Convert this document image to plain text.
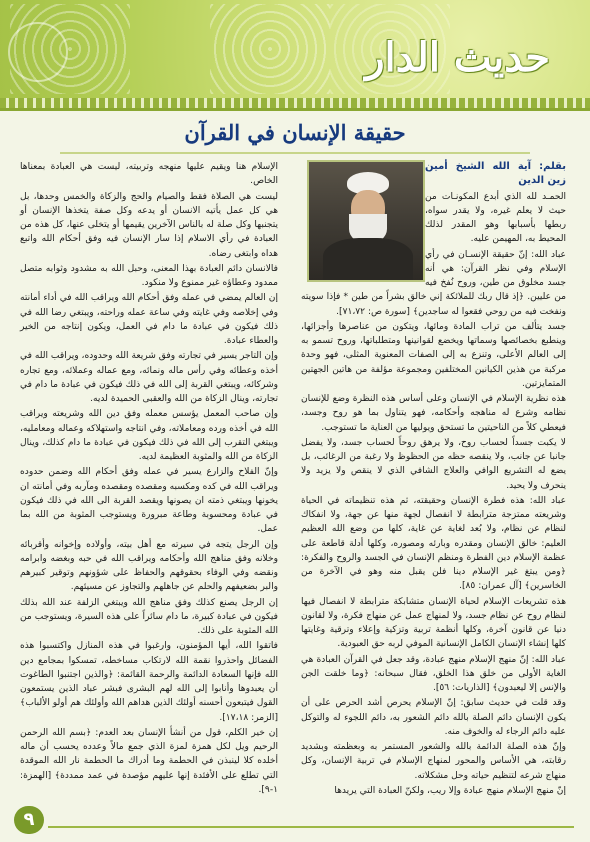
حديث الدار
حقيقة الإنسان في القرآن

بقلم: آية الله الشيخ أمين زين الدين

الحمـد لله الذي أبدع المكونـات من حيث لا يعلم غيره، ولا يقدر سواه، ربطها بأسبابها وهو المقدر لذلك المحيط به، المهيمن عليه.

عباد الله: إنّ حقيقة الإنسـان في رأي الإسلام وفي نظر القرآن: هي أنه جسد مخلوق من طين، وروح نُفخ فيه من عليين. ﴿إذ قال ربك للملائكة إني خالق بشراً من طين * فإذا سويته ونفخت فيه من روحي فقعوا له ساجدين﴾ [سورة ص: ٧١،٧٢].

جسد يتألف من تراب المادة ومائها، ويتكون من عناصرها وأجزائها، وينطبع بخصائصها وسماتها ويخضع لقوانينها ومتطلباتها، وروح تسمو به إلى العالم الأعلى، وتنزع به إلى الصفات المعنوية المثلى، فهو وحدة مركبة من هذين الكيانين المختلفين ومجموعة مؤلفة من هاتين الجهتين المتمايزتين.

هذه نظرية الإسلام في الإنسان وعلى أساس هذه النظرة وضع للإنسان نظامه وشرع له مناهجه وأحكامه، فهو يتناول بما هو روح وجسد، فيعطي كلاً من الناحيتين ما تستحق ويوليها من العناية ما تستوجب.

لا يكبت جسداً لحساب روح، ولا يرهق روحاً لحساب جسد، ولا يفضل جانبا عن جانب، ولا ينقصه حظه من الحظوظ ولا رغبة من الرغائب، بل يضع له التشريع الوافي والعلاج الشافي الذي لا ينقص ولا يزيد ولا ينحرف ولا يحيد.

عباد الله: هذه فطرة الإنسان وحقيقته، ثم هذه تنظيماته في الحياة وشريعته ممتزجة مترابطة لا انفصال لجهة منها عن جهة، ولا انفكاك لنظام عن نظام، ولا بُعد لغاية عن غاية، كلها من وضع الله العظيم العليم: خالق الإنسان ومقدره وبارئه ومصوره، وكلها أدلة قاطعة على عظمة الإسلام دين الفطرة ومنظم الإنسان في الجسد والروح والفكرة: ﴿ومن يبتغ غير الإسلام دينا فلن يقبل منه وهو في الآخرة من الخاسرين﴾ [آل عمران: ٨٥].

هذه تشريعات الإسلام لحياة الإنسان متشابكة مترابطة لا انفصال فيها لنظام روح عن نظام جسد، ولا لمنهاج عمل عن منهاج فكرة، ولا لقانون دنيا عن قانون آخرة، وكلها أنظمة تربية وتزكية وإعلاء وترقية وغايتها كلها إنشاء الإنسان الكامل الإنسانية الموفي لربه حق العبودية.

عباد الله: إنّ منهج الإسلام منهج عبادة، وقد جعل في القرآن العبادة هي الغاية الأولى من خلق هذا الخلق، فقال سبحانه: ﴿وما خلقت الجن والإنس إلا ليعبدون﴾ [الذاريات: ٥٦].

وقد قلت في حديث سابق: إنّ الإسلام يحرص أشد الحرص على أن يكون الإنسان دائم الصلة بالله دائم الشعور به، دائم اللجوء له والتوكل عليه دائم الرجاء له والخوف منه.

وإنّ هذه الصلة الدائمة بالله والشعور المستمر به وبعظمته وبشديد رقابته، هي الأساس والمحور لمنهاج الإسلام في تربية الإنسان، وكل منهاج شرعه لتنظيم حياته وحل مشكلاته.

إنّ منهج الإسلام منهج عبادة وإلا ريب، ولكنّ العبادة التي يريدها

الإسلام هنا ويقيم عليها منهجه وتربيته، ليست هي العبادة بمعناها الخاص.

ليست هي الصلاة فقط والصيام والحج والزكاة والخمس وحدها، بل هي كل عمل يأتيه الانسان أو يدعه وكل صفة يتخذها الإنسان أو يتجنبها وكل صلة له بالناس الآخرين يقيمها أو يتخلى عنها، كل هذه من العبادة في رأي الاسلام إذا سار الإنسان فيه وفق أحكام الله واتبع هداه وابتغى رضاه.

فالانسان دائم العبادة بهذا المعنى، وحبل الله به مشدود وثوابه متصل ممدود وعطاؤه غير ممنوع ولا منكود.

إن العالم يمضي في عمله وفق أحكام الله ويراقب الله في أداء أمانته وفي إخلاصه وفي غايته وفي ساعة عمله وراحته، ويبتغي رضا الله في ذلك فيكون في عبادة ما دام في العمل، ويكون إنتاجه من الخير والعطاء عبادة.

وإن التاجر يسير في تجارته وفق شريعة الله وحدوده، ويراقب الله في أخذه وعطائه وفي رأس ماله ونمائه، ومع عماله وعملائه، ومع تجاره وشركائه، ويبتغي القربة إلى الله في ذلك فيكون في عبادة ما دام في تجارته، وينال الزكاة من الله والعقبى الحميدة لديه.

وإن صاحب المعمل يؤسس معمله وفق دين الله وشريعته ويراقب الله في أخذه ورده ومعاملاته، وفي انتاجه واستهلاكه وعماله ومعامليه، ويبتغي التقرب إلى الله في ذلك فيكون في عبادة ما دام كذلك، وينال الزكاة من الله والمثوبة العظيمة لديه.

وإنّ الفلاح والزارع يسير في عمله وفق أحكام الله وضمن حدوده ويراقب الله في كده ومكسبه ومقصده ومقصده ومآربه وفي أمانته ان يخونها ويبتغي ذمته ان يصونها ويقصد القربة الى الله في ذلك فيكون في عبادة ومحسوبة وطاعة مبرورة ويستوجب المثوبة من الله بما عمل.

وإن الرجل يتجه في سيرته مع أهل بيته، وأولاده وإخوانه وأقربائه وخلانه وفق مناهج الله وأحكامه ويراقب الله في حبه وبغضه وابرامه ونقضه وفي الوفاء بحقوقهم والحفاظ على شؤونهم وتوقير كبيرهم والبر بضعيفهم والحلم عن جاهلهم والتجاوز عن مسيئهم.

إن الرجل يصنع كذلك وفق مناهج الله ويبتغي الزلفة عند الله بذلك فيكون في عبادة كبيرة، ما دام سائراً على هذه السيرة، ويستوجب من الله المثوبة على ذلك.

فاتقوا الله، أيها المؤمنون، وارغبوا في هذه المنازل واكتسبوا هذه الفضائل واحذروا نقمة الله لارتكاب مساخطه، تمسكوا بمجامع دين الله فإنها السعادة الدائمة والرحمة القائمة: ﴿والذين اجتنبوا الطاغوت أن يعبدوها وأنابوا إلى الله لهم البشرى فبشر عباد الذين يستمعون القول فيتبعون أحسنه أولئك الذين هداهم الله وأولئك هم أولو الألباب﴾ [الزمر: ١٧،١٨].

إن خير الكلم، قول من أنشأ الإنسان بعد العدم: ﴿بسم الله الرحمن الرحيم ويل لكل همزة لمزة الذي جمع مالاً وعدده يحسب أن ماله أخلده كلا لينبذن في الحطمة وما أدراك ما الحطمة نار الله الموقدة التي تطلع على الأفئدة إنها عليهم مؤصدة في عمد ممددة﴾ [الهمزة: ١-٩].

٩
